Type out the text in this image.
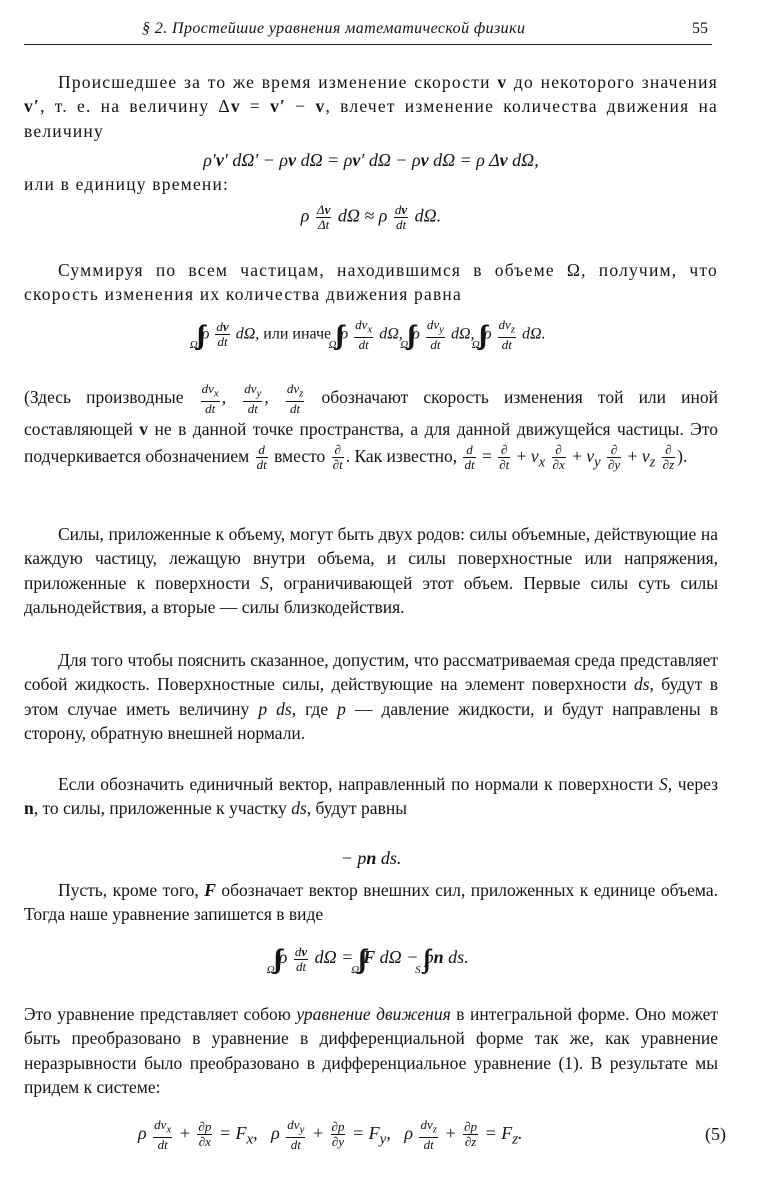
§ 2. Простейшие уравнения математической физики	55
Происшедшее за то же время изменение скорости v до некоторого значения v′, т. е. на величину Δv = v′ − v, влечет изменение количества движения на величину
ρ′v′ dΩ′ − ρv dΩ = ρv′ dΩ − ρv dΩ = ρ Δv dΩ,
или в единицу времени:
ρ $\frac{\Delta v}{\Delta t}$ dΩ ≈ ρ $\frac{dv}{dt} d\Omega$.
Суммируя по всем частицам, находившимся в объеме Ω, получим, что скорость изменения их количества движения равна
$\int\int\int_\Omega\rho \frac{dv}{dt} d\Omega$, или иначе $\int\int\int_\Omega\rho \frac{dv_x}{dt} d\Omega$, $\int\int\int_\Omega\rho \frac{dv_y}{dt} d\Omega$, $\int\int\int_\Omega\rho \frac{dv_z}{dt} d\Omega$.
(Здесь производные $\frac{dv_x}{dt}$ , $\frac{dv_y}{dt}$ , $\frac{dv_z}{dt}$ обозначают скорость изменения той или иной составляющей v не в данной точке пространства, а для данной движущейся частицы. Это подчеркивается обозначением $\frac{d}{dt}$ вместо $\frac{\partial}{\partial t}$ . Как известно, $\frac{d}{dt} = \frac{\partial}{\partial t} + v_x \frac{\partial}{\partial x} + v_y \frac{\partial}{\partial y} + v_z \frac{\partial}{\partial z}$ ).
Силы, приложенные к объему, могут быть двух родов: силы объемные, действующие на каждую частицу, лежащую внутри объема, и силы поверхностные или напряжения, приложенные к поверхности S, ограничивающей этот объем. Первые силы суть силы дальнодействия, а вторые — силы близкодействия.
Для того чтобы пояснить сказанное, допустим, что рассматриваемая среда представляет собой жидкость. Поверхностные силы, действующие на элемент поверхности ds, будут в этом случае иметь величину p ds, где p — давление жидкости, и будут направлены в сторону, обратную внешней нормали.
Если обозначить единичный вектор, направленный по нормали к поверхности S, через n, то силы, приложенные к участку ds, будут равны
− pn ds.
Пусть, кроме того, F обозначает вектор внешних сил, приложенных к единице объема. Тогда наше уравнение запишется в виде
$\int\int\int_\Omega\rho \frac{dv}{dt}$ $d\Omega = \int\int\int_\Omega F$ $d\Omega - \int\int_Spn$ ds.
Это уравнение представляет собою уравнение движения в интегральной форме. Оно может быть преобразовано в уравнение в дифференциальной форме так же, как уравнение неразрывности было преобразовано в дифференциальное уравнение (1). В результате мы придем к системе:
ρ $\frac{dv_x}{dt} + \frac{\partial p}{\partial x} = F_x$,   ρ $\frac{dv_y}{dt} + \frac{\partial p}{\partial y} = F_y$,   ρ $\frac{dv_z}{dt} + \frac{\partial p}{\partial z} = F_z$.	(5)
